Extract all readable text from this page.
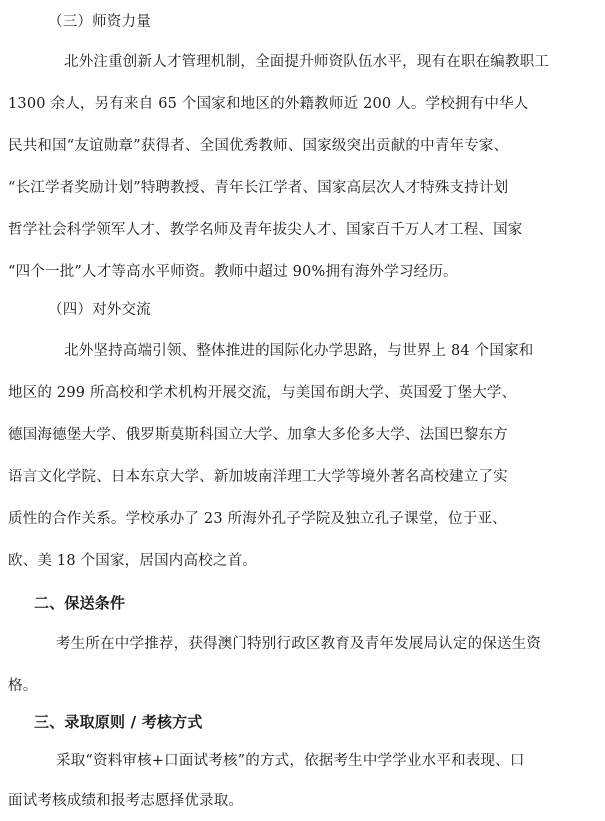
（三）师资力量
北外注重创新人才管理机制，全面提升师资队伍水平，现有在职在编教职工
1300 余人，另有来自 65 个国家和地区的外籍教师近 200 人。学校拥有中华人
民共和国“友谊勋章”获得者、全国优秀教师、国家级突出贡献的中青年专家、
“长江学者奖励计划”特聘教授、青年长江学者、国家高层次人才特殊支持计划
哲学社会科学领军人才、教学名师及青年拔尖人才、国家百千万人才工程、国家
“四个一批”人才等高水平师资。教师中超过 90%拥有海外学习经历。
（四）对外交流
北外坚持高端引领、整体推进的国际化办学思路，与世界上 84 个国家和
地区的 299 所高校和学术机构开展交流，与美国布朗大学、英国爱丁堡大学、
德国海德堡大学、俄罗斯莫斯科国立大学、加拿大多伦多大学、法国巴黎东方
语言文化学院、日本东京大学、新加坡南洋理工大学等境外著名高校建立了实
质性的合作关系。学校承办了 23 所海外孔子学院及独立孔子课堂，位于亚、
欧、美 18 个国家，居国内高校之首。
二、保送条件
考生所在中学推荐，获得澳门特别行政区教育及青年发展局认定的保送生资
格。
三、录取原则 / 考核方式
采取“资料审核+口面试考核”的方式，依据考生中学学业水平和表现、口
面试考核成绩和报考志愿择优录取。
